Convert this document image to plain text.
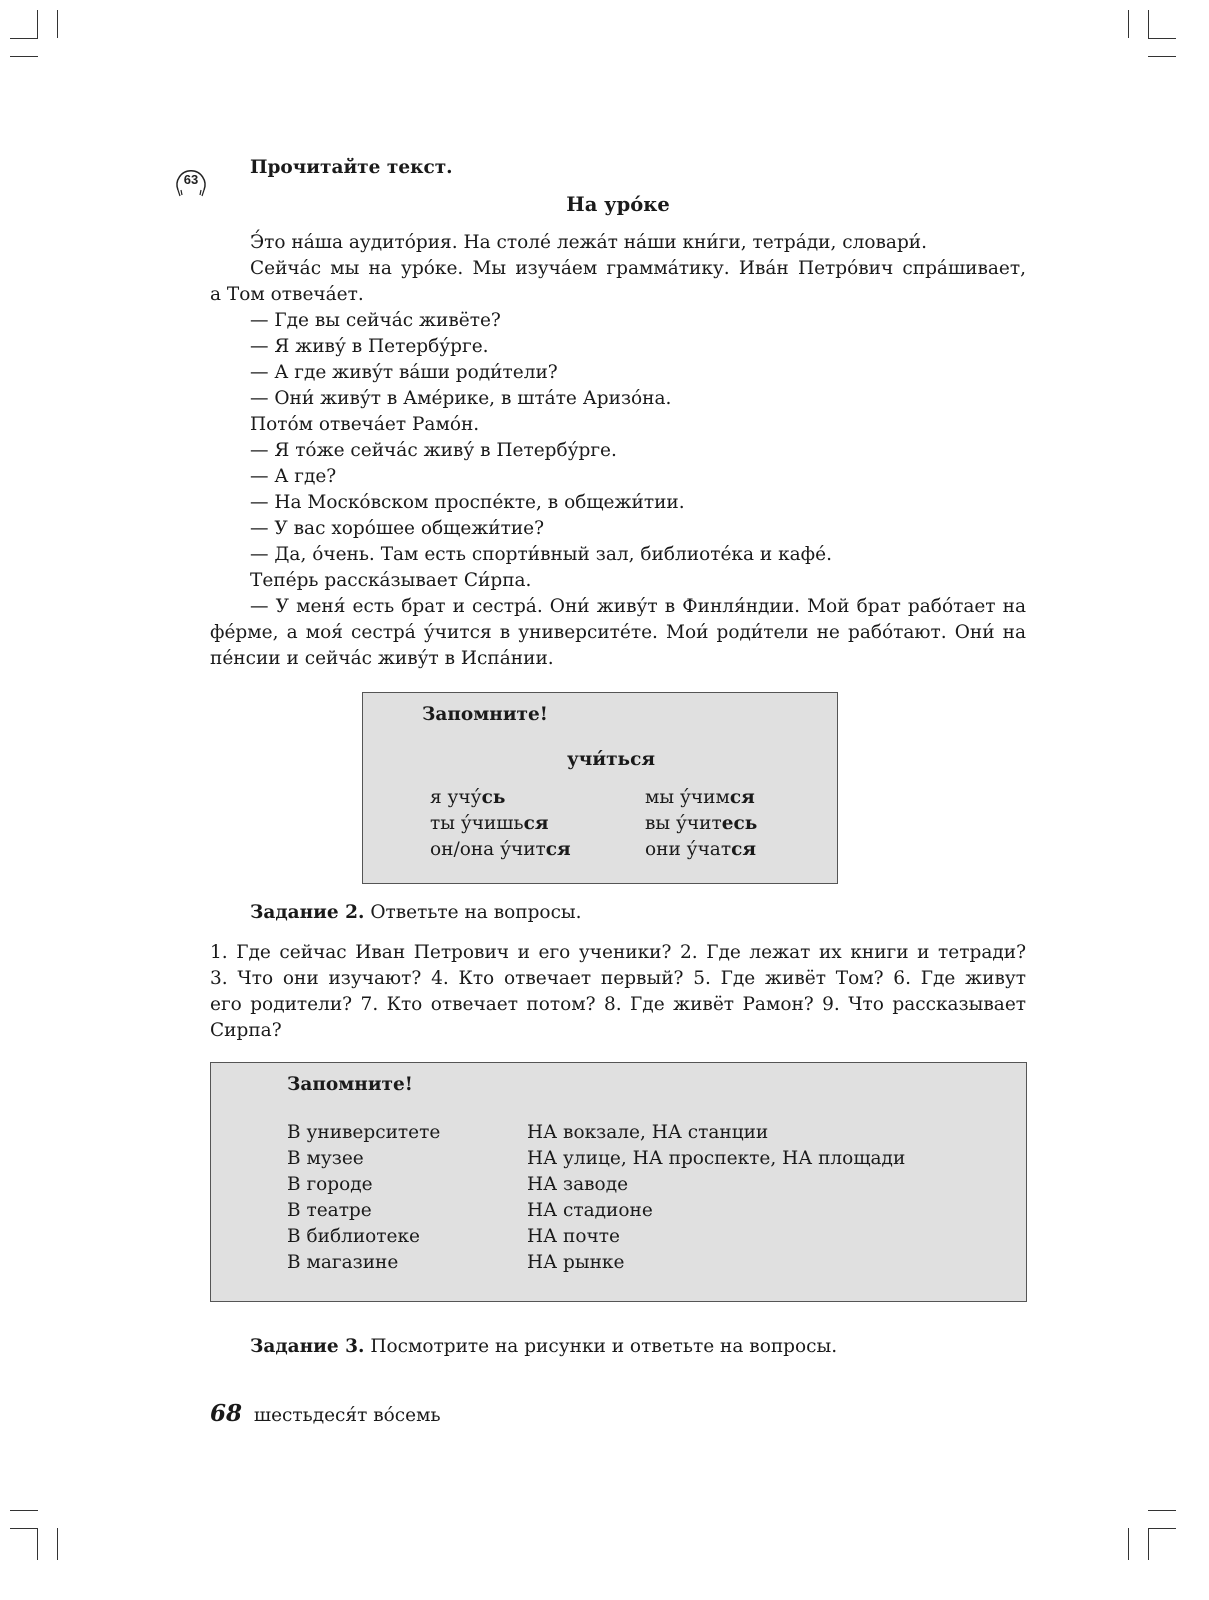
63
Прочитайте текст.
На уро́ке
Э́то на́ша аудито́рия. На столе́ лежа́т на́ши кни́ги, тетра́ди, словари́.
Сейча́с мы на уро́ке. Мы изуча́ем грамма́тику. Ива́н Петро́вич спра́шивает,
а Том отвеча́ет.
— Где вы сейча́с живёте?
— Я живу́ в Петербу́рге.
— А где живу́т ва́ши роди́тели?
— Они́ живу́т в Аме́рике, в шта́те Аризо́на.
Пото́м отвеча́ет Рамо́н.
— Я то́же сейча́с живу́ в Петербу́рге.
— А где?
— На Моско́вском проспе́кте, в общежи́тии.
— У вас хоро́шее общежи́тие?
— Да, о́чень. Там есть спорти́вный зал, библиоте́ка и кафе́.
Тепе́рь расска́зывает Си́рпа.
— У меня́ есть брат и сестра́. Они́ живу́т в Финля́ндии. Мой брат рабо́тает на
фе́рме, а моя́ сестра́ у́чится в университе́те. Мои́ роди́тели не рабо́тают. Они́ на
пе́нсии и сейча́с живу́т в Испа́нии.
Запомните!
учи́ться
я учу́сь
ты у́чишься
он/она у́чится
мы у́чимся
вы у́читесь
они у́чатся
Задание 2. Ответьте на вопросы.
1. Где сейчас Иван Петрович и его ученики? 2. Где лежат их книги и тетради?
3. Что они изучают? 4. Кто отвечает первый? 5. Где живёт Том? 6. Где живут
его родители? 7. Кто отвечает потом? 8. Где живёт Рамон? 9. Что рассказывает
Сирпа?
Запомните!
В университете
В музее
В городе
В театре
В библиотеке
В магазине
НА вокзале, НА станции
НА улице, НА проспекте, НА площади
НА заводе
НА стадионе
НА почте
НА рынке
Задание 3. Посмотрите на рисунки и ответьте на вопросы.
68 шестьдеся́т во́семь
